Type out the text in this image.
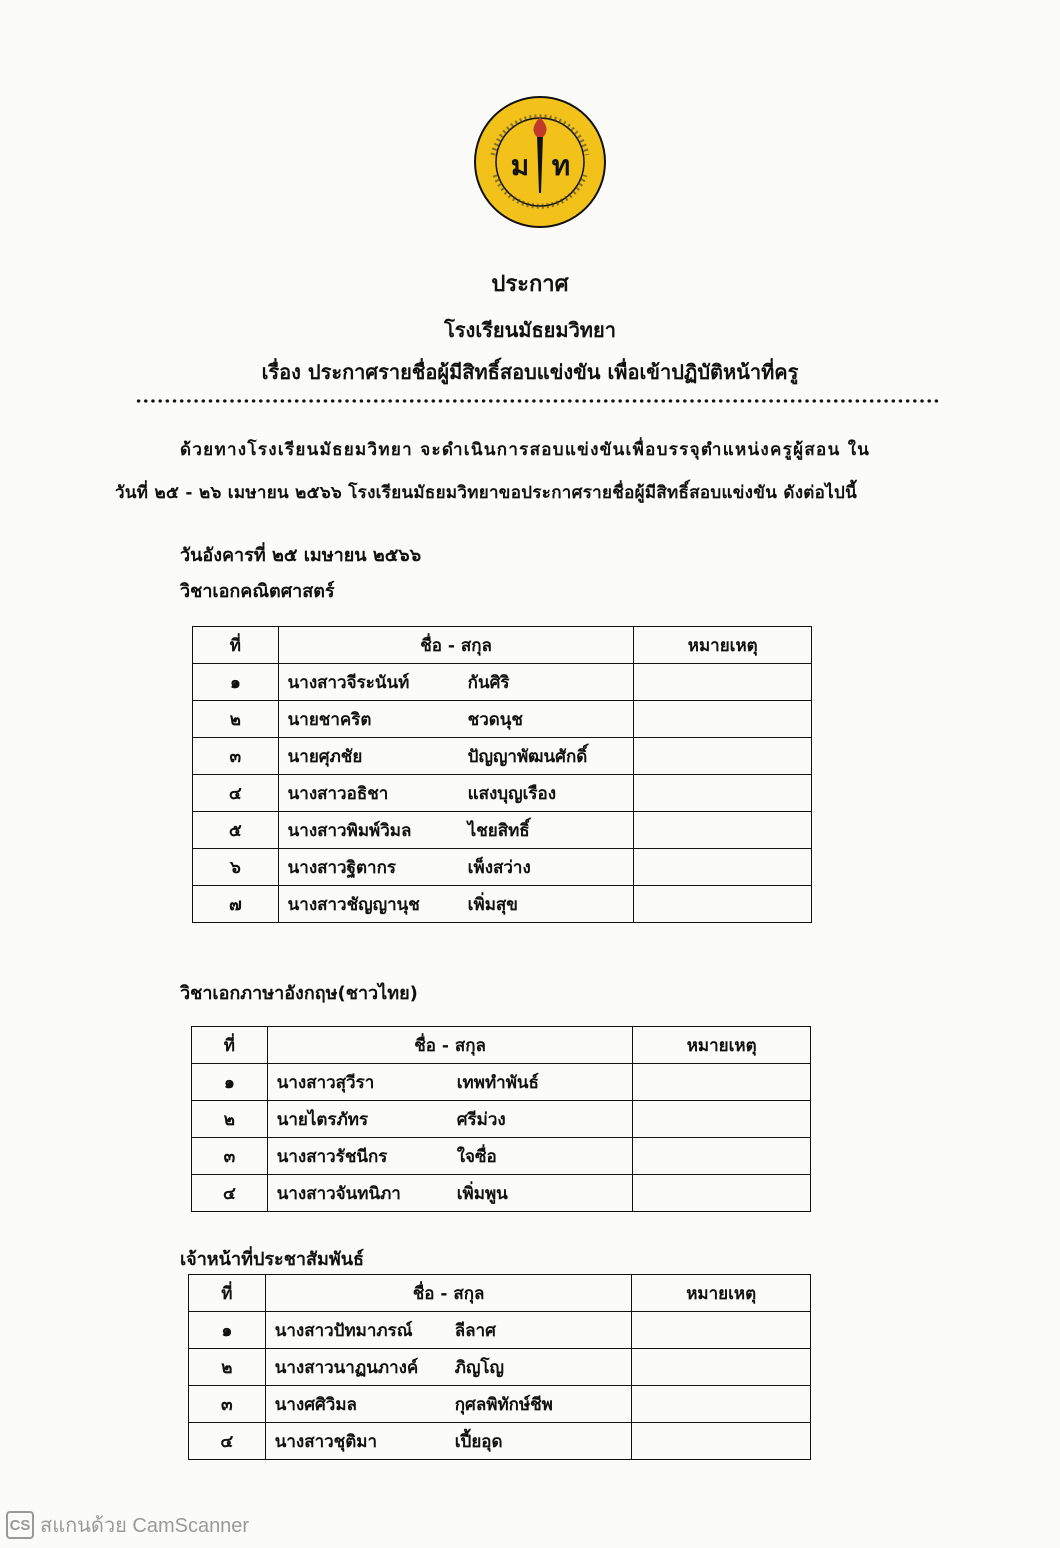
ม ท
ประกาศ
โรงเรียนมัธยมวิทยา
เรื่อง ประกาศรายชื่อผู้มีสิทธิ์สอบแข่งขัน เพื่อเข้าปฏิบัติหน้าที่ครู
ด้วยทางโรงเรียนมัธยมวิทยา จะดำเนินการสอบแข่งขันเพื่อบรรจุตำแหน่งครูผู้สอน ใน
วันที่ ๒๕ - ๒๖ เมษายน ๒๕๖๖ โรงเรียนมัธยมวิทยาขอประกาศรายชื่อผู้มีสิทธิ์สอบแข่งขัน ดังต่อไปนี้
วันอังคารที่ ๒๕ เมษายน ๒๕๖๖
วิชาเอกคณิตศาสตร์
ที่	ชื่อ - สกุล	หมายเหตุ
๑	นางสาวจีระนันท์ กันศิริ	
๒	นายชาคริต ชวดนุช	
๓	นายศุภชัย ปัญญาพัฒนศักดิ์	
๔	นางสาวอธิชา แสงบุญเรือง	
๕	นางสาวพิมพ์วิมล ไชยสิทธิ์	
๖	นางสาวฐิตากร เพ็งสว่าง	
๗	นางสาวชัญญานุช เพิ่มสุข	
วิชาเอกภาษาอังกฤษ(ชาวไทย)
ที่	ชื่อ - สกุล	หมายเหตุ
๑	นางสาวสุวีรา เทพทำพันธ์	
๒	นายไตรภัทร ศรีม่วง	
๓	นางสาวรัชนีกร ใจซื่อ	
๔	นางสาวจันทนิภา เพิ่มพูน	
เจ้าหน้าที่ประชาสัมพันธ์
ที่	ชื่อ - สกุล	หมายเหตุ
๑	นางสาวปัทมาภรณ์ ลีลาศ	
๒	นางสาวนาฏนภางค์ ภิญโญ	
๓	นางศศิวิมล กุศลพิทักษ์ชีพ	
๔	นางสาวชุติมา เปี้ยอุด	
CS สแกนด้วย CamScanner
